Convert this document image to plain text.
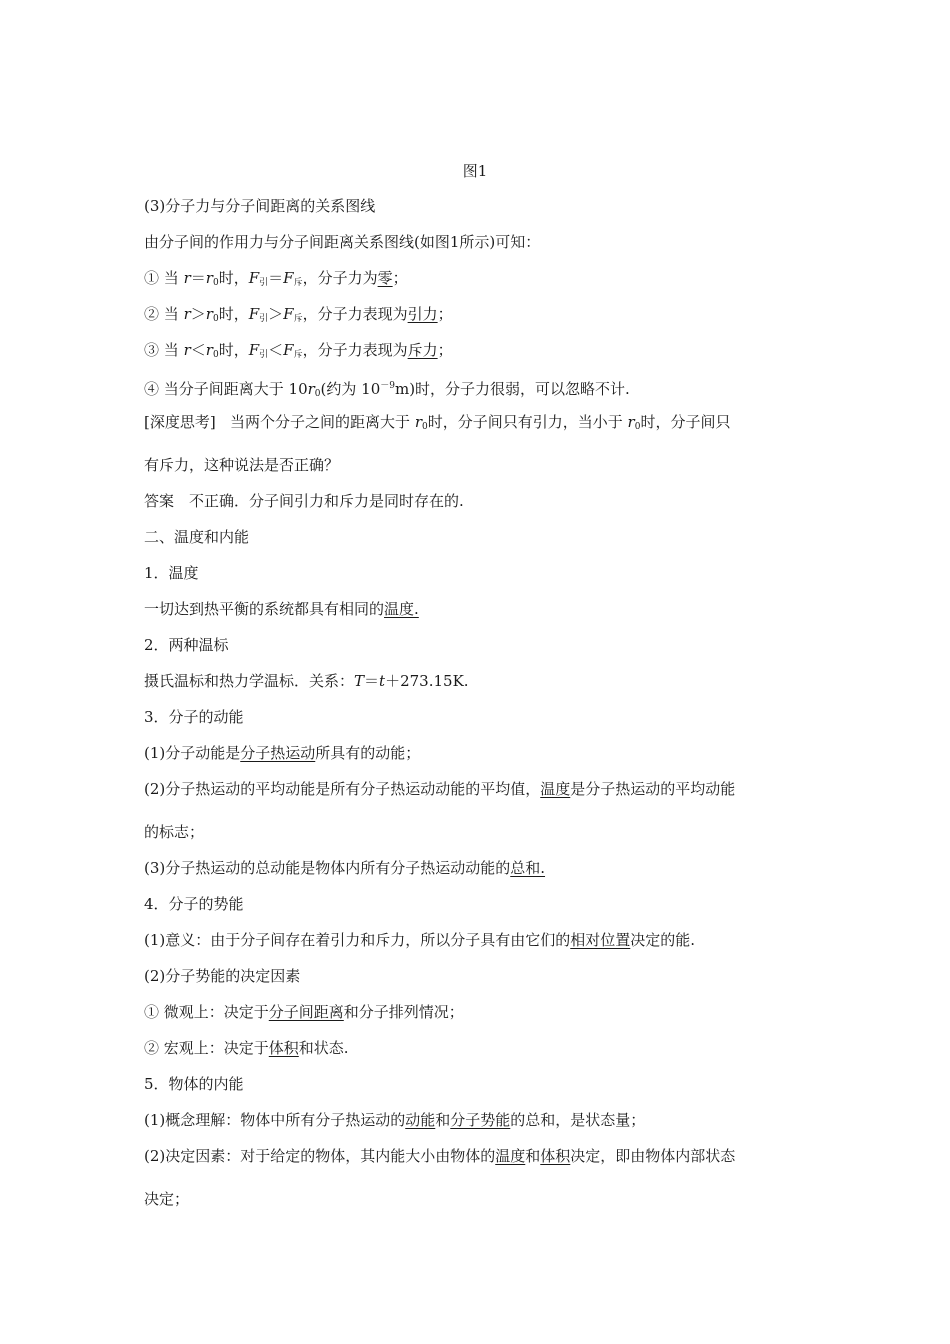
图1
(3)分子力与分子间距离的关系图线
由分子间的作用力与分子间距离关系图线(如图1所示)可知：
① 当 $r=r_0$时，$F_引=F_斥$，分子力为零；
② 当 $r>r_0$时，$F_引>F_斥$，分子力表现为引力；
③ 当 $r<r_0$时，$F_引<F_斥$，分子力表现为斥力；
④ 当分子间距离大于 $10r_0$(约为 $10^{-9}m$)时，分子力很弱，可以忽略不计.
[深度思考] 当两个分子之间的距离大于 $r_0$时，分子间只有引力，当小于 $r_0$时，分子间只
有斥力，这种说法是否正确？
答案　不正确．分子间引力和斥力是同时存在的.
二、温度和内能
1．温度
一切达到热平衡的系统都具有相同的温度.
2．两种温标
摄氏温标和热力学温标．关系：T＝t＋273.15K.
3．分子的动能
(1)分子动能是分子热运动所具有的动能；
(2)分子热运动的平均动能是所有分子热运动动能的平均值，温度是分子热运动的平均动能
的标志；
(3)分子热运动的总动能是物体内所有分子热运动动能的总和.
4．分子的势能
(1)意义：由于分子间存在着引力和斥力，所以分子具有由它们的相对位置决定的能.
(2)分子势能的决定因素
① 微观上：决定于分子间距离和分子排列情况；
② 宏观上：决定于体积和状态.
5．物体的内能
(1)概念理解：物体中所有分子热运动的动能和分子势能的总和，是状态量；
(2)决定因素：对于给定的物体，其内能大小由物体的温度和体积决定，即由物体内部状态
决定；
